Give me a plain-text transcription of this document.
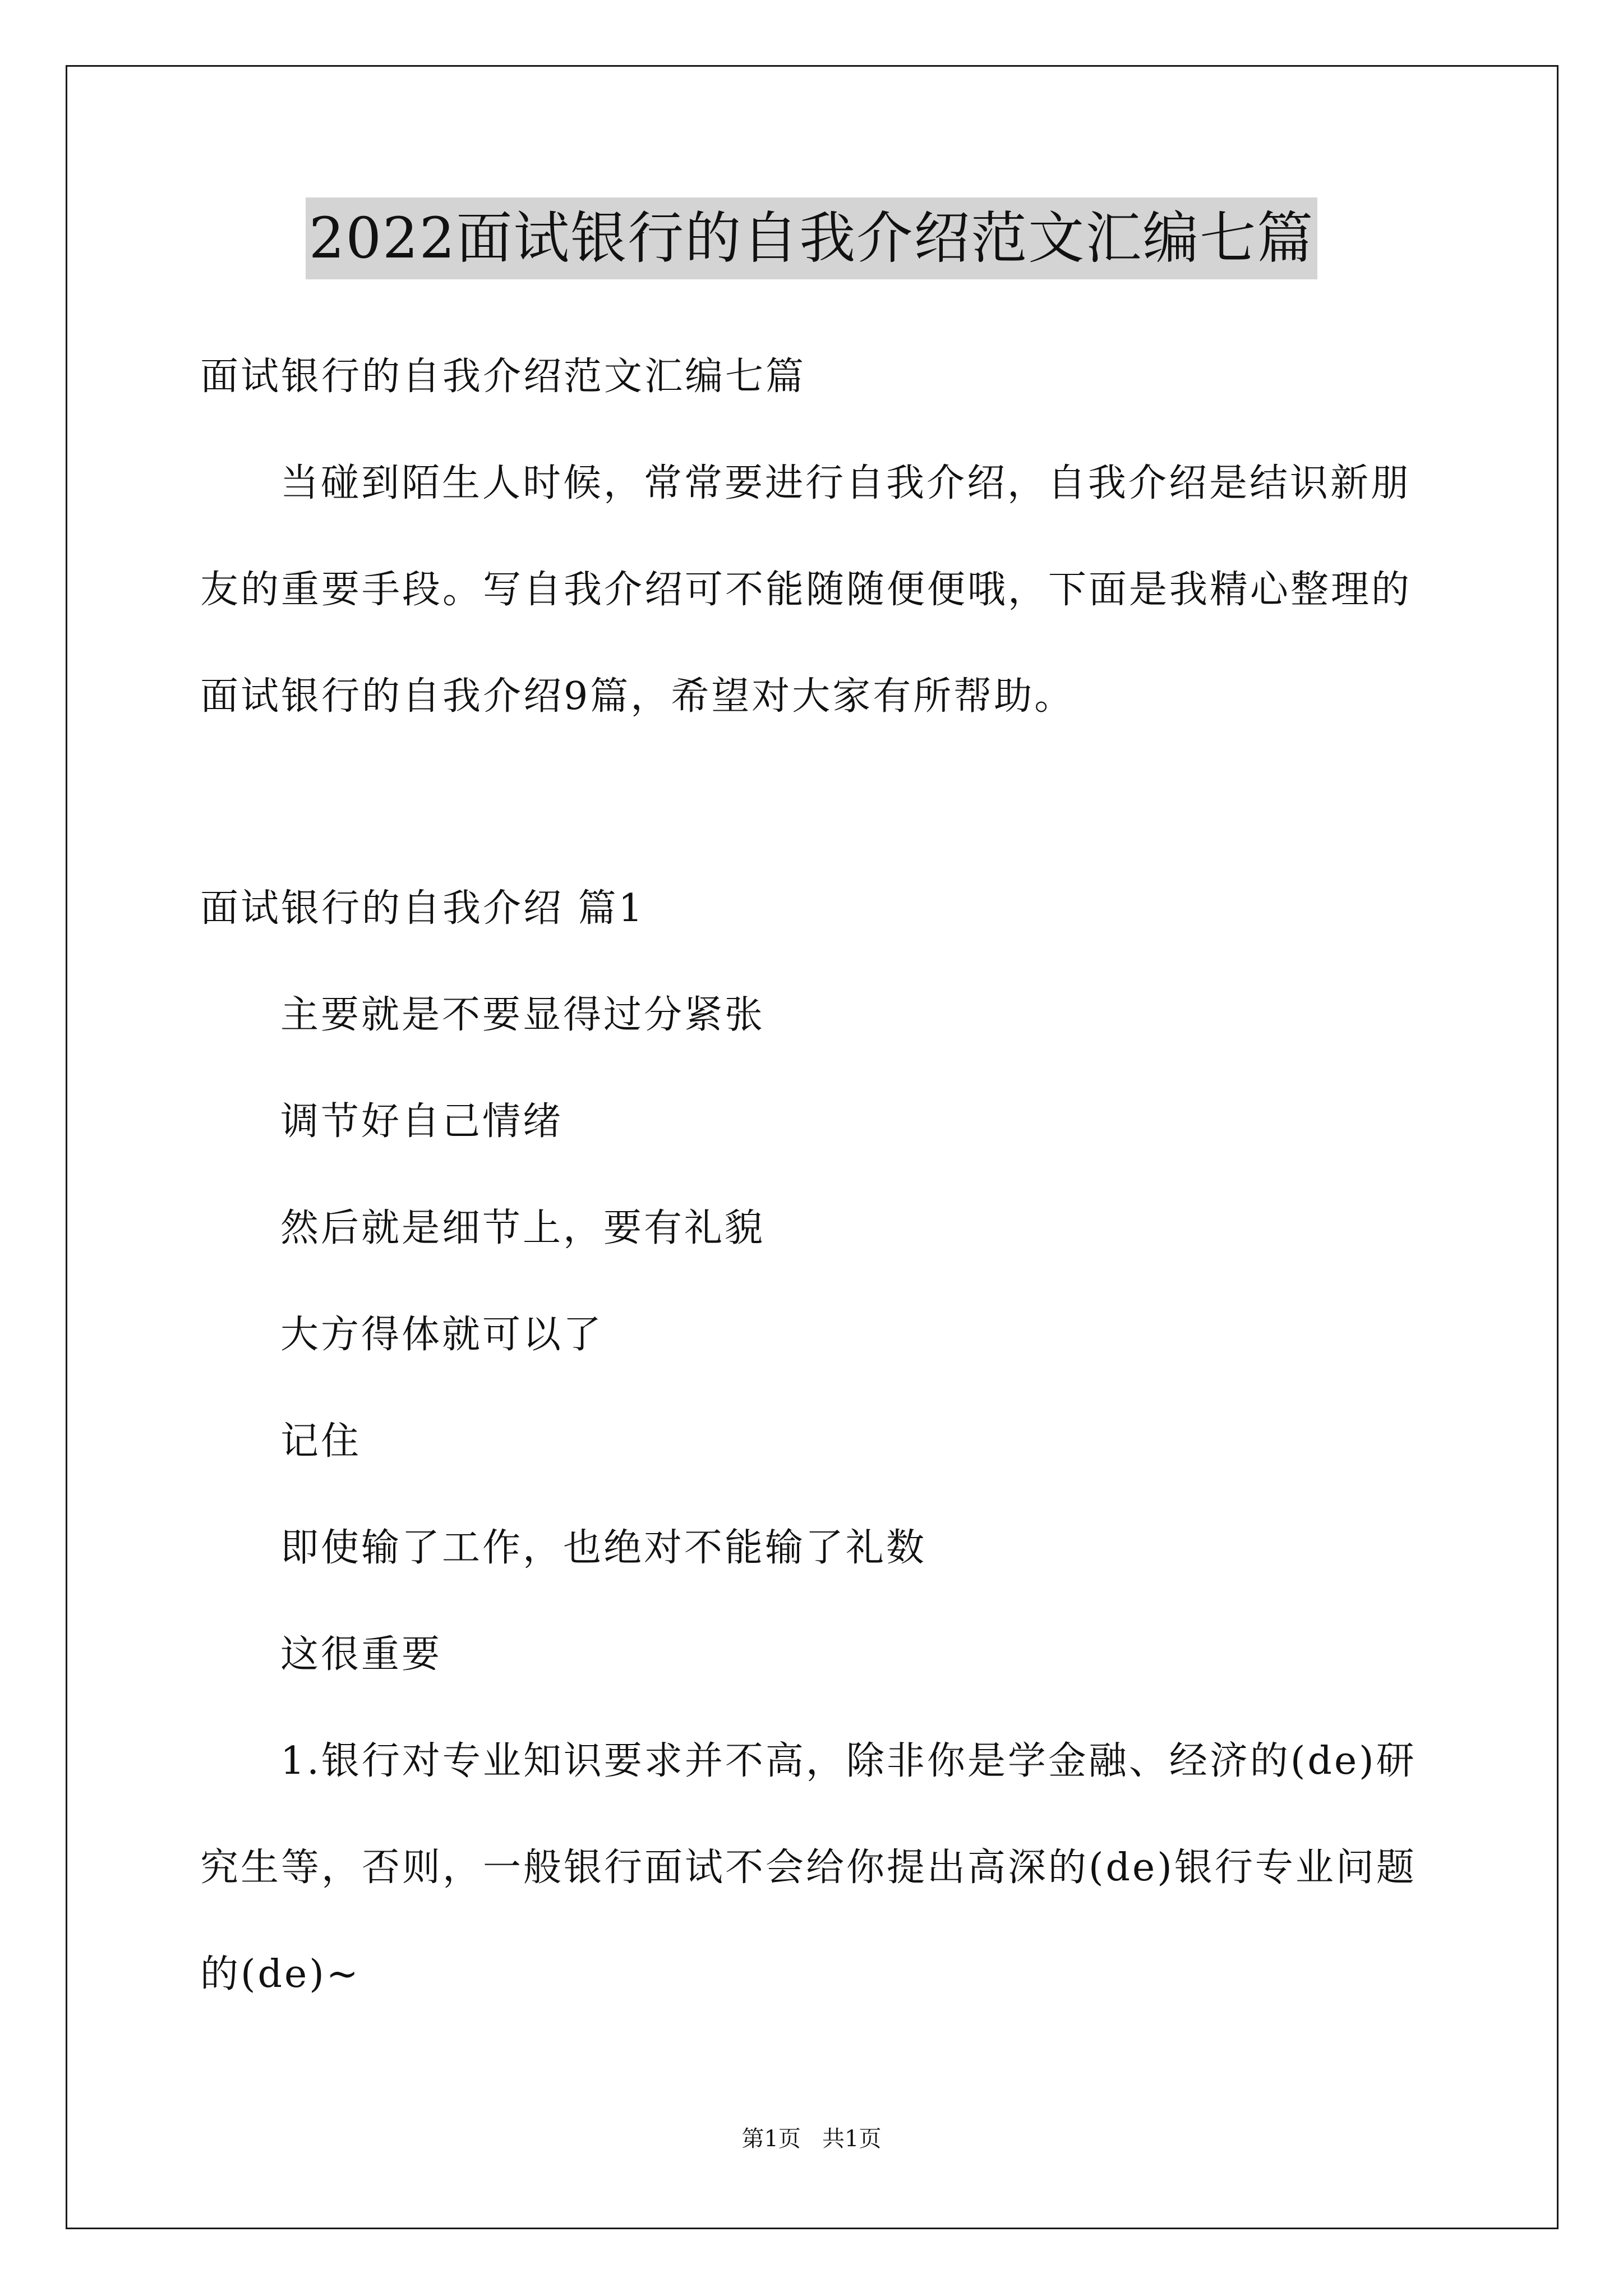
2022面试银行的自我介绍范文汇编七篇
面试银行的自我介绍范文汇编七篇
当碰到陌生人时候，常常要进行自我介绍，自我介绍是结识新朋
友的重要手段。写自我介绍可不能随随便便哦，下面是我精心整理的
面试银行的自我介绍9篇，希望对大家有所帮助。
面试银行的自我介绍 篇1
主要就是不要显得过分紧张
调节好自己情绪
然后就是细节上，要有礼貌
大方得体就可以了
记住
即使输了工作，也绝对不能输了礼数
这很重要
1.银行对专业知识要求并不高，除非你是学金融、经济的(de)研
究生等，否则，一般银行面试不会给你提出高深的(de)银行专业问题
的(de)~
第1页   共1页
